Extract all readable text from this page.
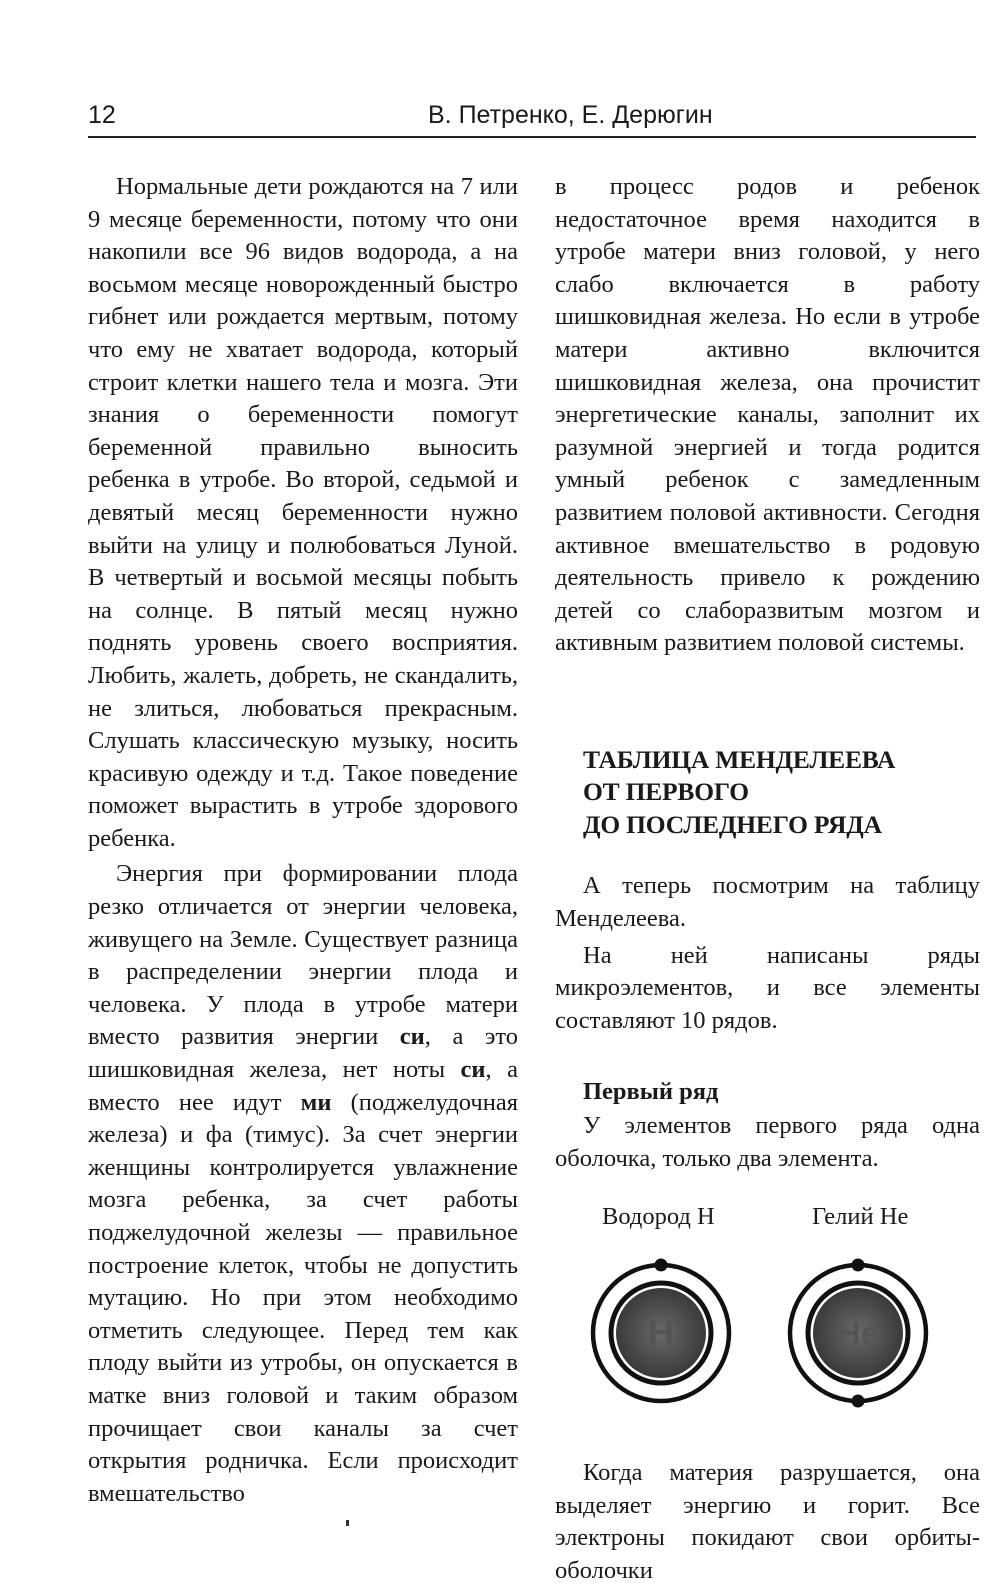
12	В. Петренко, Е. Дерюгин

Нормальные дети рождаются на 7 или 9 месяце беременности, потому что они накопили все 96 видов водорода, а на восьмом месяце новорожденный быстро гибнет или рождается мертвым, потому что ему не хватает водорода, который строит клетки нашего тела и мозга. Эти знания о беременности помогут беременной правильно выносить ребенка в утробе. Во второй, седьмой и девятый месяц беременности нужно выйти на улицу и полюбоваться Луной. В четвертый и восьмой месяцы побыть на солнце. В пятый месяц нужно поднять уровень своего восприятия. Любить, жалеть, добреть, не скандалить, не злиться, любоваться прекрасным. Слушать классическую музыку, носить красивую одежду и т.д. Такое поведение поможет вырастить в утробе здорового ребенка.

Энергия при формировании плода резко отличается от энергии человека, живущего на Земле. Существует разница в распределении энергии плода и человека. У плода в утробе матери вместо развития энергии си, а это шишковидная железа, нет ноты си, а вместо нее идут ми (поджелудочная железа) и фа (тимус). За счет энергии женщины контролируется увлажнение мозга ребенка, за счет работы поджелудочной железы — правильное построение клеток, чтобы не допустить мутацию. Но при этом необходимо отметить следующее. Перед тем как плоду выйти из утробы, он опускается в матке вниз головой и таким образом прочищает свои каналы за счет открытия родничка. Если происходит вмешательство

в процесс родов и ребенок недостаточное время находится в утробе матери вниз головой, у него слабо включается в работу шишковидная железа. Но если в утробе матери активно включится шишковидная железа, она прочистит энергетические каналы, заполнит их разумной энергией и тогда родится умный ребенок с замедленным развитием половой активности. Сегодня активное вмешательство в родовую деятельность привело к рождению детей со слаборазвитым мозгом и активным развитием половой системы.

ТАБЛИЦА МЕНДЕЛЕЕВА
ОТ ПЕРВОГО
ДО ПОСЛЕДНЕГО РЯДА

А теперь посмотрим на таблицу Менделеева.

На ней написаны ряды микроэлементов, и все элементы составляют 10 рядов.

Первый ряд

У элементов первого ряда одна оболочка, только два элемента.

Водород H	Гелий He
H	He

Когда материя разрушается, она выделяет энергию и горит. Все электроны покидают свои орбиты-оболочки
